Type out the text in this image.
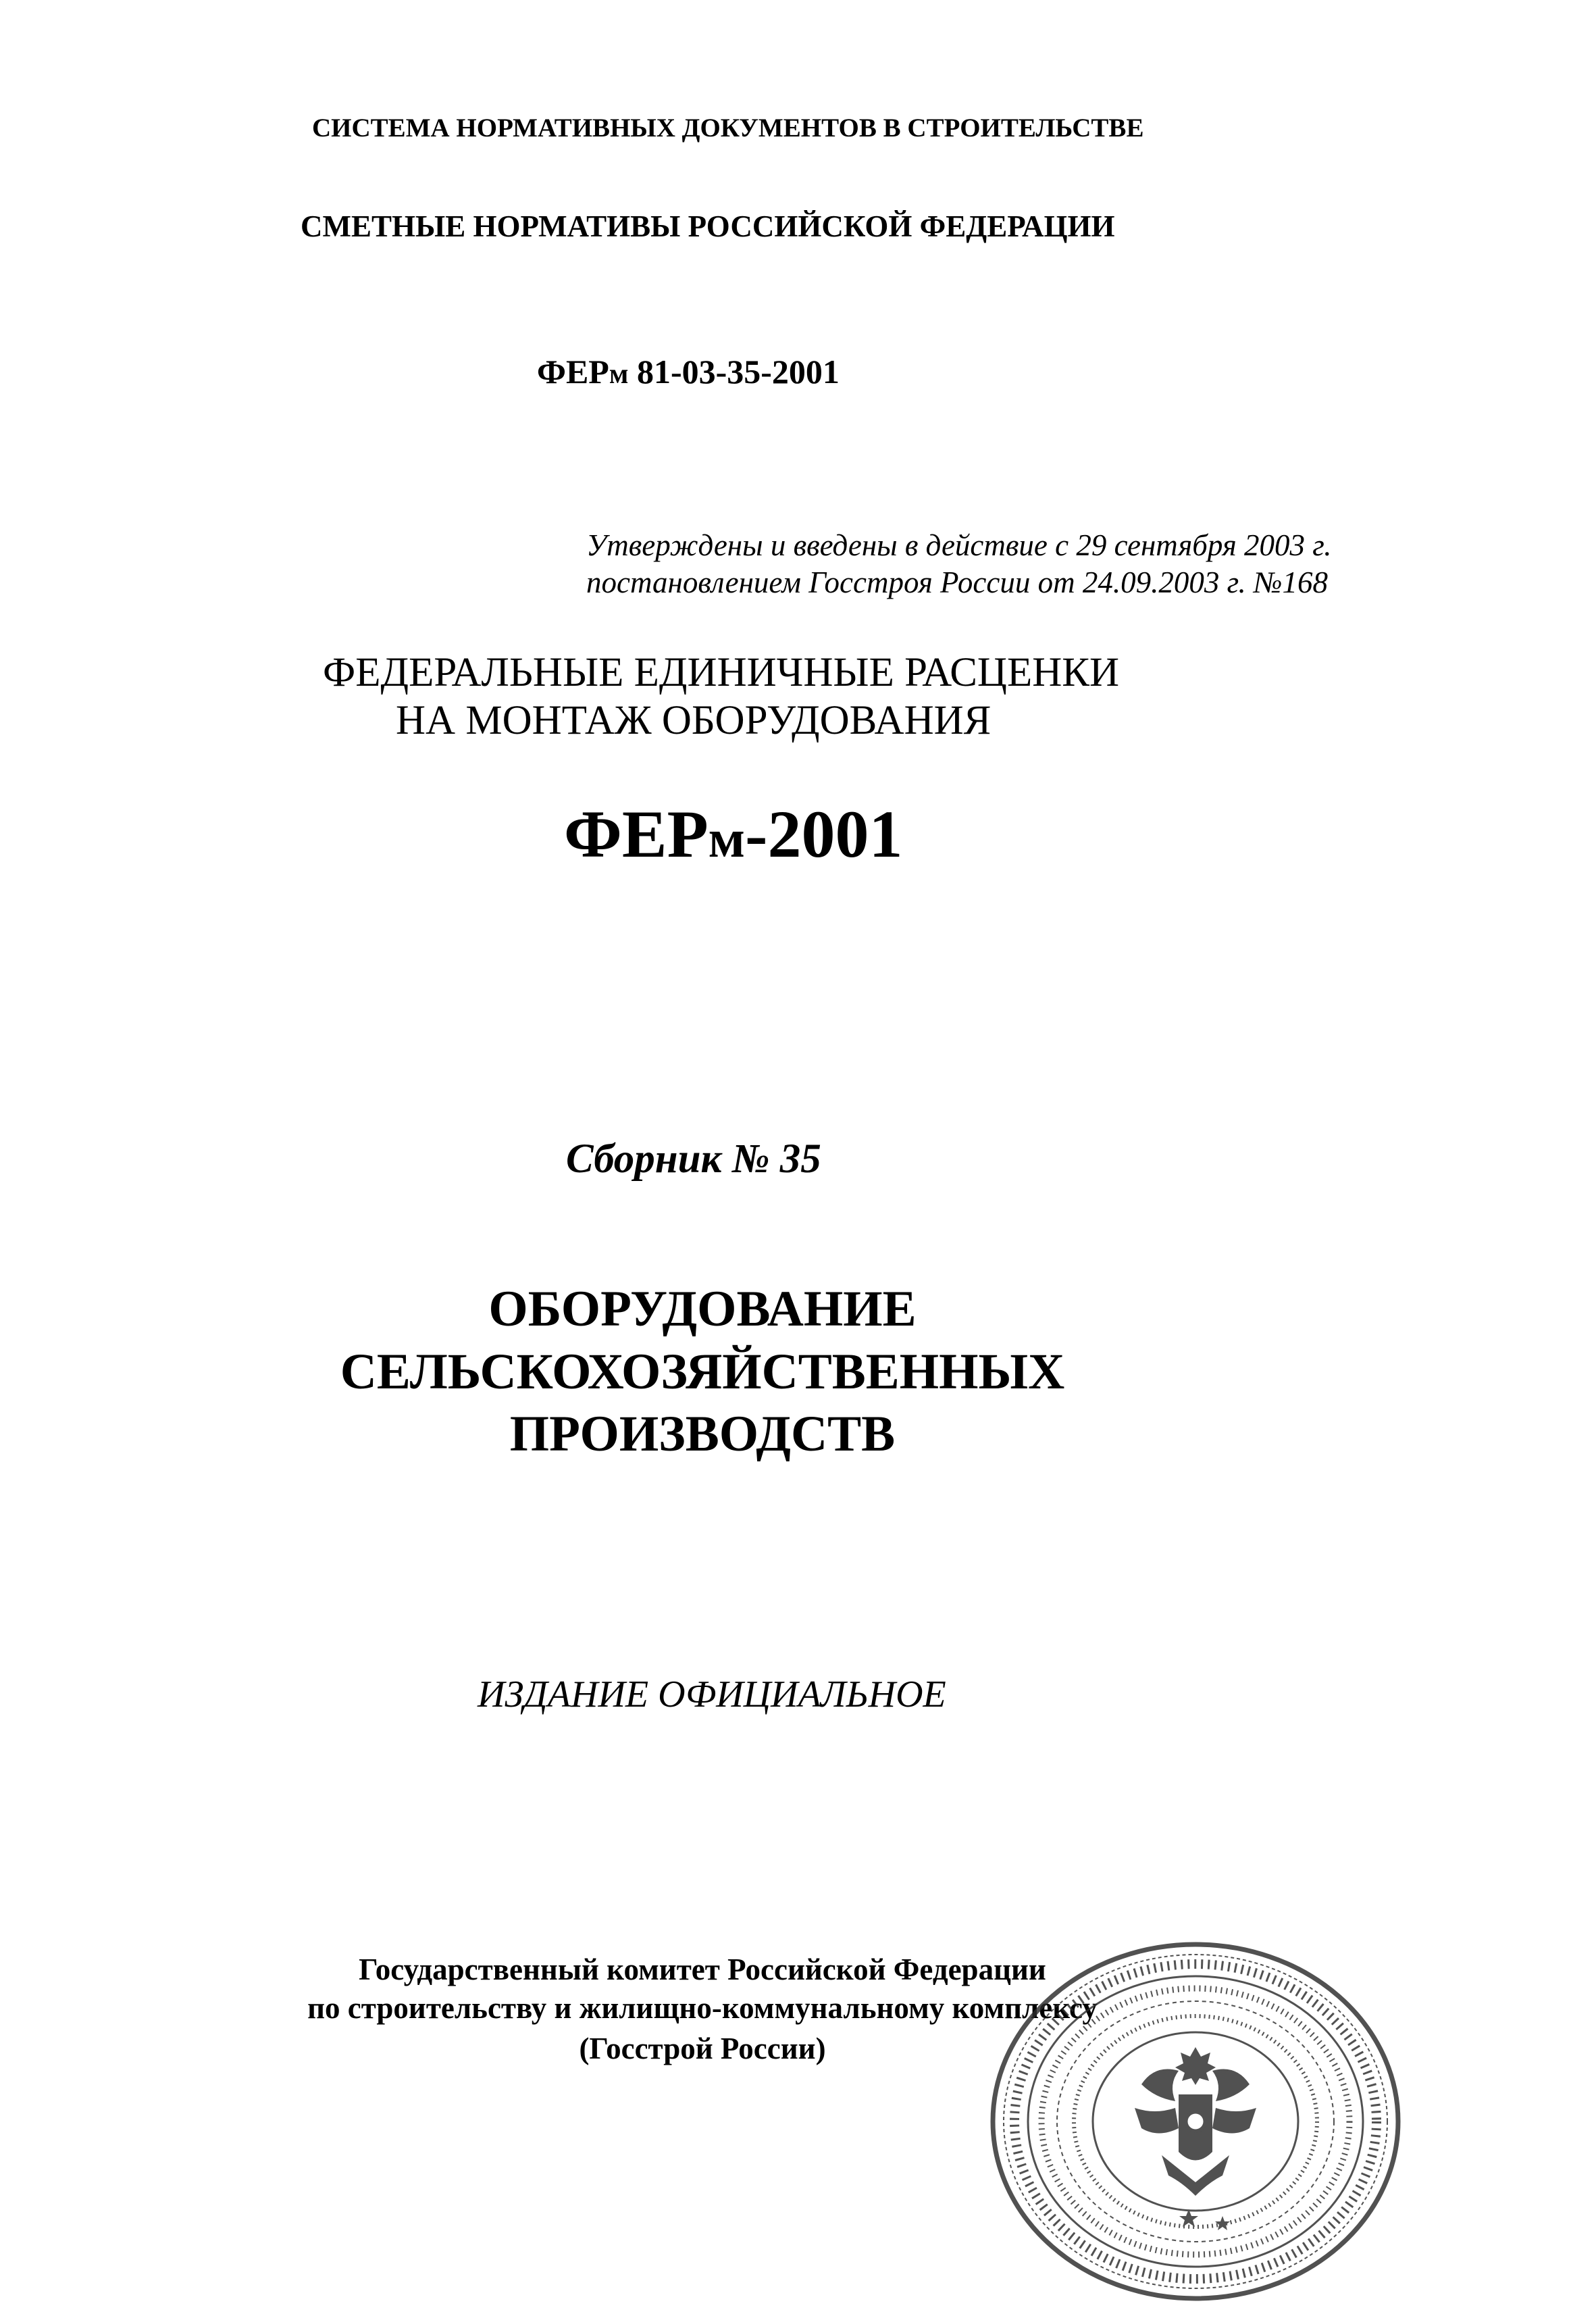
СИСТЕМА НОРМАТИВНЫХ ДОКУМЕНТОВ В СТРОИТЕЛЬСТВЕ
СМЕТНЫЕ НОРМАТИВЫ РОССИЙСКОЙ ФЕДЕРАЦИИ
ФЕРм 81-03-35-2001
Утверждены и введены в действие с 29 сентября 2003 г.
постановлением Госстроя России от 24.09.2003 г. №168
ФЕДЕРАЛЬНЫЕ ЕДИНИЧНЫЕ РАСЦЕНКИ
НА МОНТАЖ ОБОРУДОВАНИЯ
ФЕРм-2001
Сборник № 35
ОБОРУДОВАНИЕ
СЕЛЬСКОХОЗЯЙСТВЕННЫХ
ПРОИЗВОДСТВ
ИЗДАНИЕ ОФИЦИАЛЬНОЕ
Государственный комитет Российской Федерации
по строительству и жилищно-коммунальному комплексу
(Госстрой России)
